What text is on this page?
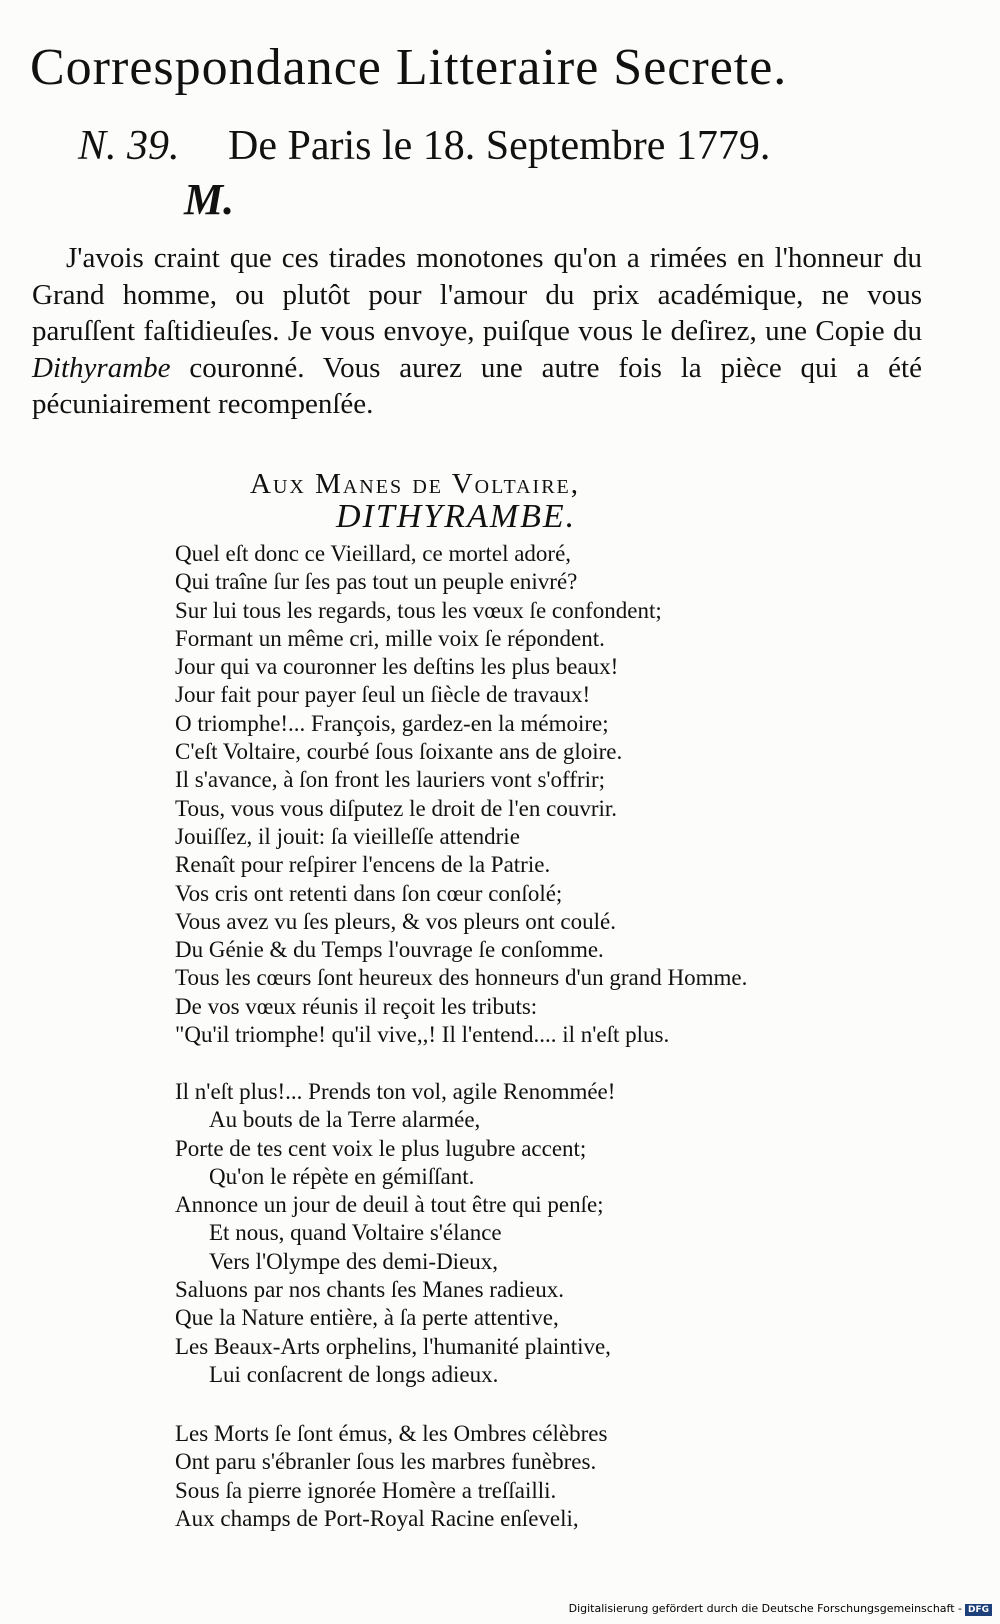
Correspondance Litteraire Secrete.
N. 39. De Paris le 18. Septembre 1779.
M.
J'avois craint que ces tirades monotones qu'on a rimées en l'honneur du Grand homme, ou plutôt pour l'amour du prix académique, ne vous paruſſent faſtidieuſes. Je vous envoye, puiſque vous le deſirez, une Copie du Dithyrambe couronné. Vous aurez une autre fois la pièce qui a été pécuniairement recompenſée.
Aux Manes de Voltaire,
DITHYRAMBE.
Quel eſt donc ce Vieillard, ce mortel adoré,
Qui traîne ſur ſes pas tout un peuple enivré?
Sur lui tous les regards, tous les vœux ſe confondent;
Formant un même cri, mille voix ſe répondent.
Jour qui va couronner les deſtins les plus beaux!
Jour fait pour payer ſeul un ſiècle de travaux!
O triomphe!... François, gardez-en la mémoire;
C'eſt Voltaire, courbé ſous ſoixante ans de gloire.
Il s'avance, à ſon front les lauriers vont s'offrir;
Tous, vous vous diſputez le droit de l'en couvrir.
Jouiſſez, il jouit: ſa vieilleſſe attendrie
Renaît pour reſpirer l'encens de la Patrie.
Vos cris ont retenti dans ſon cœur conſolé;
Vous avez vu ſes pleurs, & vos pleurs ont coulé.
Du Génie & du Temps l'ouvrage ſe conſomme.
Tous les cœurs ſont heureux des honneurs d'un grand Homme.
De vos vœux réunis il reçoit les tributs:
"Qu'il triomphe! qu'il vive,,! Il l'entend.... il n'eſt plus.
Il n'eſt plus!... Prends ton vol, agile Renommée!
Au bouts de la Terre alarmée,
Porte de tes cent voix le plus lugubre accent;
Qu'on le répète en gémiſſant.
Annonce un jour de deuil à tout être qui penſe;
Et nous, quand Voltaire s'élance
Vers l'Olympe des demi-Dieux,
Saluons par nos chants ſes Manes radieux.
Que la Nature entière, à ſa perte attentive,
Les Beaux-Arts orphelins, l'humanité plaintive,
Lui conſacrent de longs adieux.
Les Morts ſe ſont émus, & les Ombres célèbres
Ont paru s'ébranler ſous les marbres funèbres.
Sous ſa pierre ignorée Homère a treſſailli.
Aux champs de Port-Royal Racine enſeveli,
Digitalisierung gefördert durch die Deutsche Forschungsgemeinschaft - DFG
